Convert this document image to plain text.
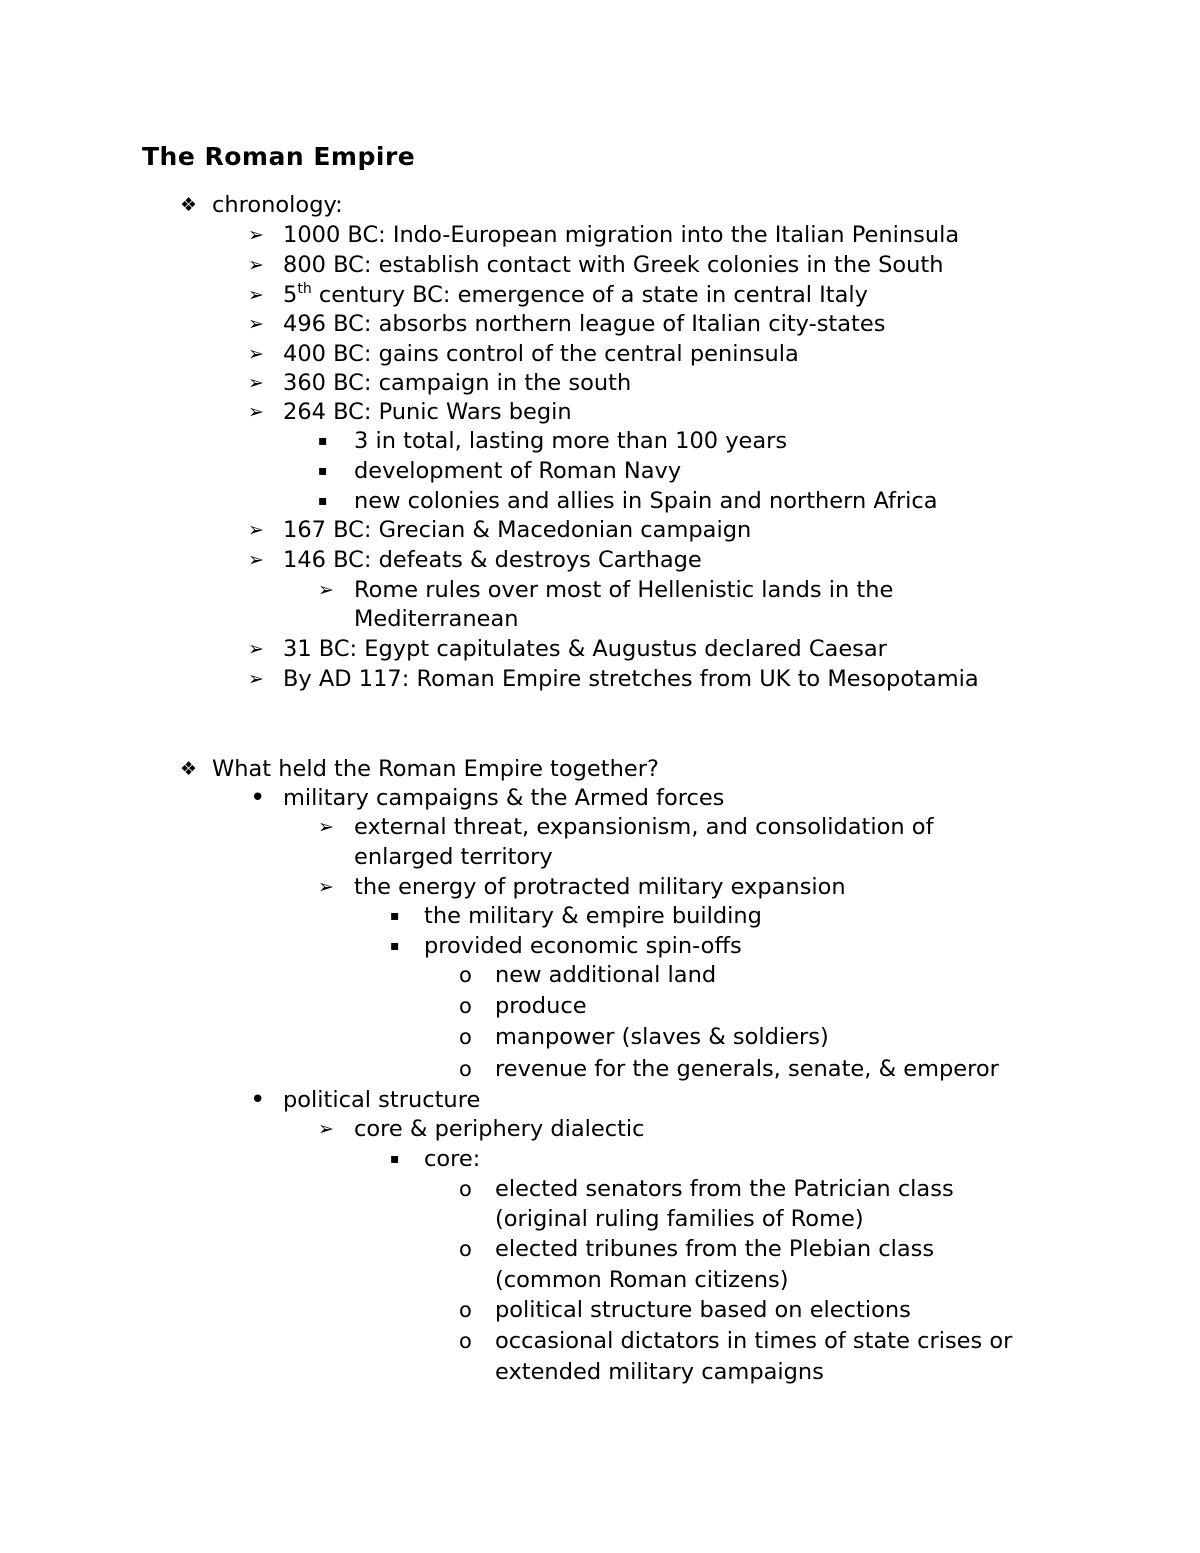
The Roman Empire
❖ chronology:
➢ 1000 BC: Indo-European migration into the Italian Peninsula
➢ 800 BC: establish contact with Greek colonies in the South
➢ 5th century BC: emergence of a state in central Italy
➢ 496 BC: absorbs northern league of Italian city-states
➢ 400 BC: gains control of the central peninsula
➢ 360 BC: campaign in the south
➢ 264 BC: Punic Wars begin
▪ 3 in total, lasting more than 100 years
▪ development of Roman Navy
▪ new colonies and allies in Spain and northern Africa
➢ 167 BC: Grecian & Macedonian campaign
➢ 146 BC: defeats & destroys Carthage
➢ Rome rules over most of Hellenistic lands in the
Mediterranean
➢ 31 BC: Egypt capitulates & Augustus declared Caesar
➢ By AD 117: Roman Empire stretches from UK to Mesopotamia
❖ What held the Roman Empire together?
• military campaigns & the Armed forces
➢ external threat, expansionism, and consolidation of
enlarged territory
➢ the energy of protracted military expansion
▪ the military & empire building
▪ provided economic spin-offs
o new additional land
o produce
o manpower (slaves & soldiers)
o revenue for the generals, senate, & emperor
• political structure
➢ core & periphery dialectic
▪ core:
o elected senators from the Patrician class
(original ruling families of Rome)
o elected tribunes from the Plebian class
(common Roman citizens)
o political structure based on elections
o occasional dictators in times of state crises or
extended military campaigns
